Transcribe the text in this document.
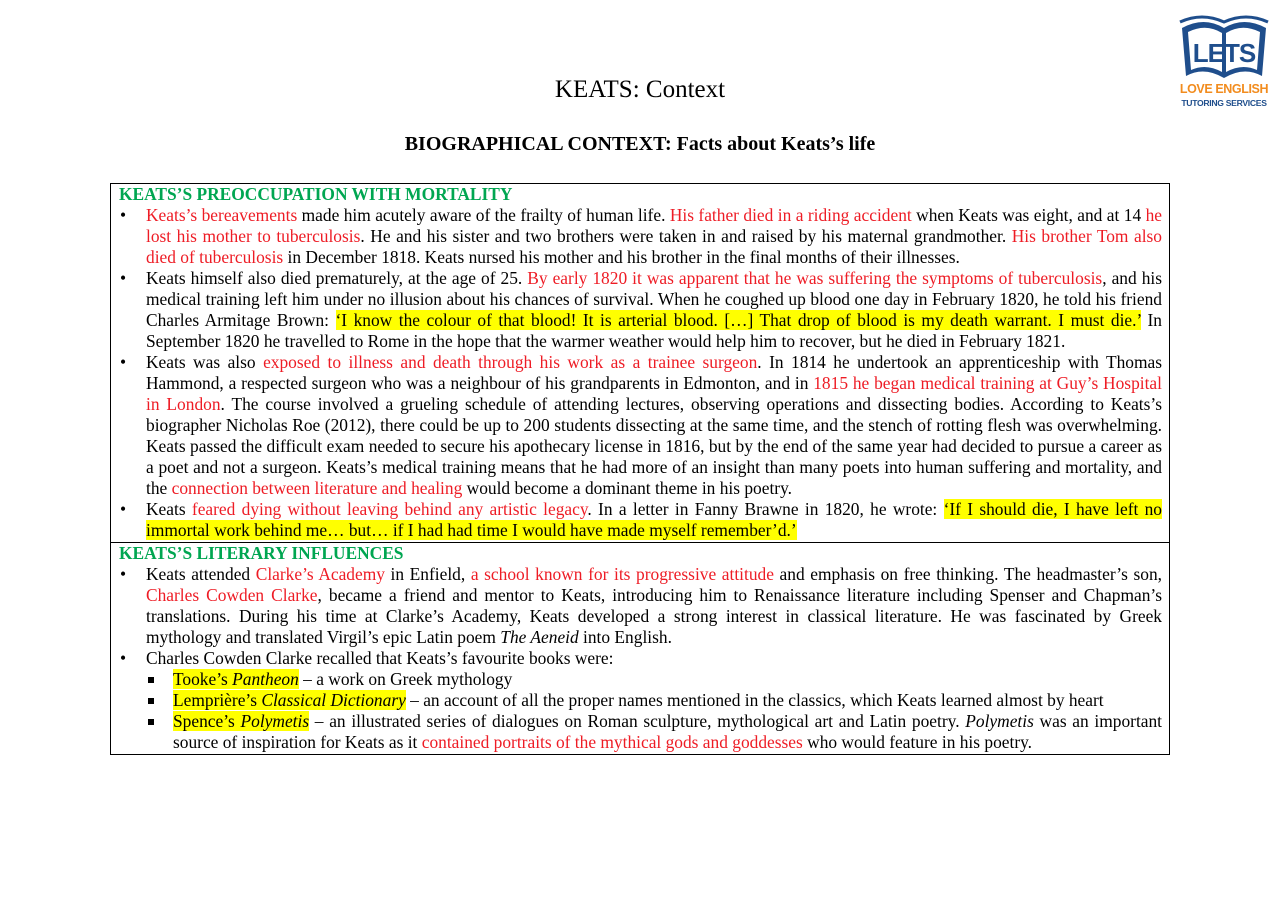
LETS
LOVE ENGLISH
TUTORING SERVICES
KEATS: Context
BIOGRAPHICAL CONTEXT: Facts about Keats’s life
KEATS’S PREOCCUPATION WITH MORTALITY
• Keats’s bereavements made him acutely aware of the frailty of human life. His father died in a riding accident when Keats was eight, and at 14 he lost his mother to tuberculosis. He and his sister and two brothers were taken in and raised by his maternal grandmother. His brother Tom also died of tuberculosis in December 1818. Keats nursed his mother and his brother in the final months of their illnesses.
• Keats himself also died prematurely, at the age of 25. By early 1820 it was apparent that he was suffering the symptoms of tuberculosis, and his medical training left him under no illusion about his chances of survival. When he coughed up blood one day in February 1820, he told his friend Charles Armitage Brown: ‘I know the colour of that blood! It is arterial blood. […] That drop of blood is my death warrant. I must die.’ In September 1820 he travelled to Rome in the hope that the warmer weather would help him to recover, but he died in February 1821.
• Keats was also exposed to illness and death through his work as a trainee surgeon. In 1814 he undertook an apprenticeship with Thomas Hammond, a respected surgeon who was a neighbour of his grandparents in Edmonton, and in 1815 he began medical training at Guy’s Hospital in London. The course involved a grueling schedule of attending lectures, observing operations and dissecting bodies. According to Keats’s biographer Nicholas Roe (2012), there could be up to 200 students dissecting at the same time, and the stench of rotting flesh was overwhelming. Keats passed the difficult exam needed to secure his apothecary license in 1816, but by the end of the same year had decided to pursue a career as a poet and not a surgeon. Keats’s medical training means that he had more of an insight than many poets into human suffering and mortality, and the connection between literature and healing would become a dominant theme in his poetry.
• Keats feared dying without leaving behind any artistic legacy. In a letter in Fanny Brawne in 1820, he wrote: ‘If I should die, I have left no immortal work behind me… but… if I had had time I would have made myself remember’d.’
KEATS’S LITERARY INFLUENCES
• Keats attended Clarke’s Academy in Enfield, a school known for its progressive attitude and emphasis on free thinking. The headmaster’s son, Charles Cowden Clarke, became a friend and mentor to Keats, introducing him to Renaissance literature including Spenser and Chapman’s translations. During his time at Clarke’s Academy, Keats developed a strong interest in classical literature. He was fascinated by Greek mythology and translated Virgil’s epic Latin poem The Aeneid into English.
• Charles Cowden Clarke recalled that Keats’s favourite books were:
Tooke’s Pantheon – a work on Greek mythology
Lemprière’s Classical Dictionary – an account of all the proper names mentioned in the classics, which Keats learned almost by heart
Spence’s Polymetis – an illustrated series of dialogues on Roman sculpture, mythological art and Latin poetry. Polymetis was an important source of inspiration for Keats as it contained portraits of the mythical gods and goddesses who would feature in his poetry.
